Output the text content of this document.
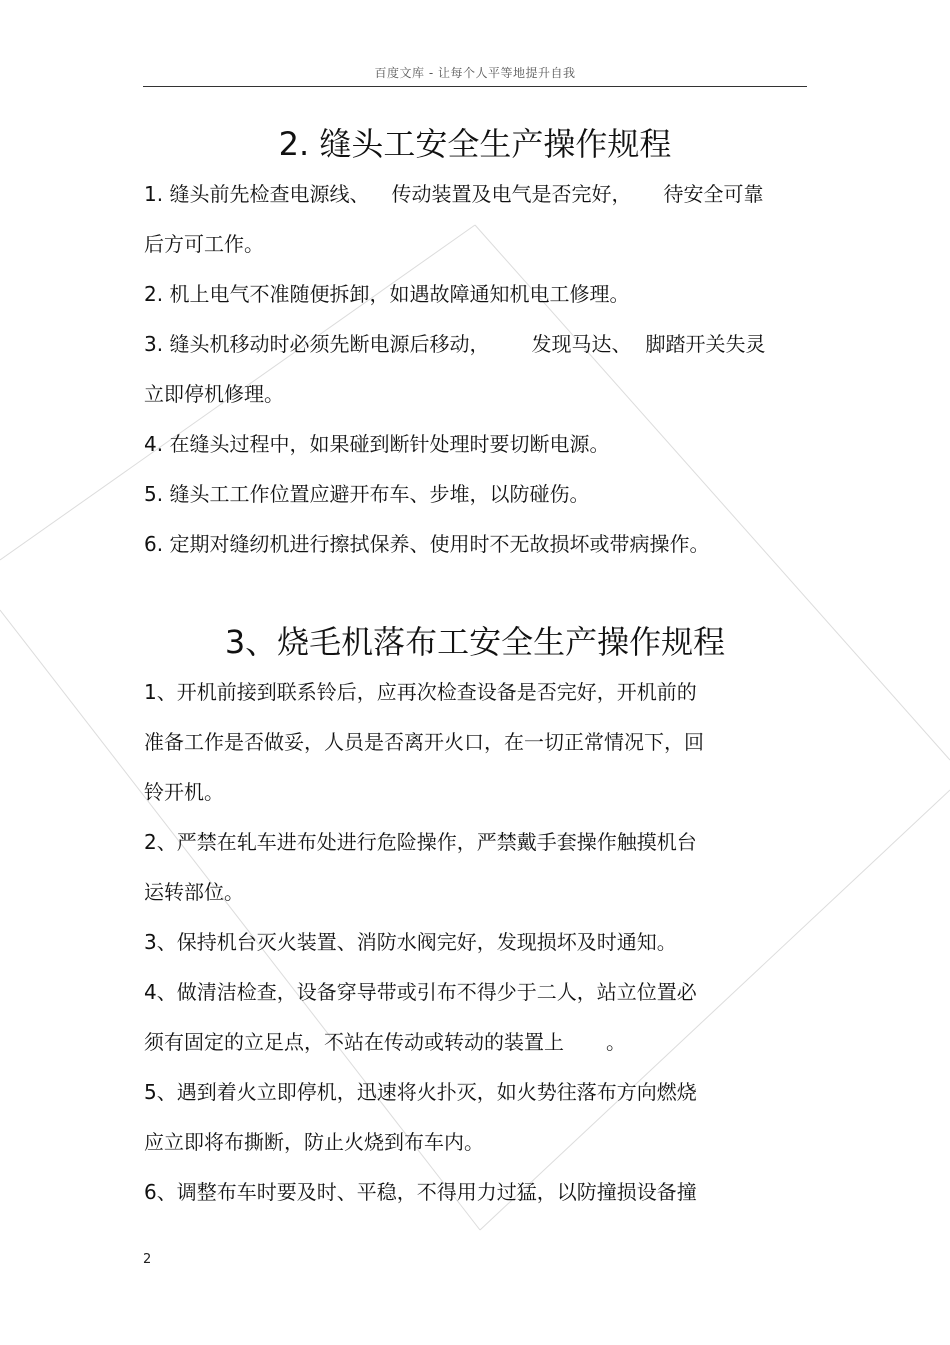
百度文库 - 让每个人平等地提升自我
2. 缝头工安全生产操作规程
1. 缝头前先检查电源线、 传动装置及电气是否完好， 待安全可靠
后方可工作。
2. 机上电气不准随便拆卸，如遇故障通知机电工修理。
3. 缝头机移动时必须先断电源后移动， 发现马达、 脚踏开关失灵
立即停机修理。
4. 在缝头过程中，如果碰到断针处理时要切断电源。
5. 缝头工工作位置应避开布车、步堆，以防碰伤。
6. 定期对缝纫机进行擦拭保养、使用时不无故损坏或带病操作。
3、烧毛机落布工安全生产操作规程
1、开机前接到联系铃后，应再次检查设备是否完好，开机前的
准备工作是否做妥，人员是否离开火口，在一切正常情况下，回
铃开机。
2、严禁在轧车进布处进行危险操作，严禁戴手套操作触摸机台
运转部位。
3、保持机台灭火装置、消防水阀完好，发现损坏及时通知。
4、做清洁检查，设备穿导带或引布不得少于二人，站立位置必
须有固定的立足点，不站在传动或转动的装置上 。
5、遇到着火立即停机，迅速将火扑灭，如火势往落布方向燃烧
应立即将布撕断，防止火烧到布车内。
6、调整布车时要及时、平稳，不得用力过猛，以防撞损设备撞
2
